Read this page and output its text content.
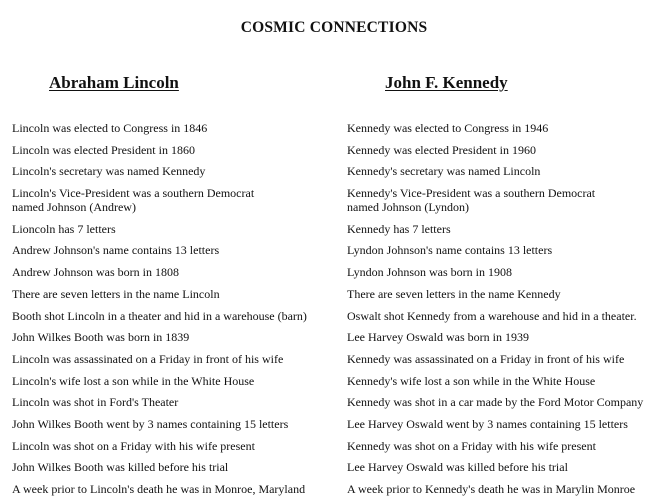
COSMIC CONNECTIONS
Abraham Lincoln	John F. Kennedy
Lincoln was elected to Congress in 1846
Lincoln was elected President in 1860
Lincoln's secretary was named Kennedy
Lincoln's Vice-President was a southern Democrat
named Johnson (Andrew)
Lioncoln has 7 letters
Andrew Johnson's name contains 13 letters
Andrew Johnson was born in 1808
There are seven letters in the name Lincoln
Booth shot Lincoln in a theater and hid in a warehouse (barn)
John Wilkes Booth was born in 1839
Lincoln was assassinated on a Friday in front of his wife
Lincoln's wife lost a son while in the White House
Lincoln was shot in Ford's Theater
John Wilkes Booth went by 3 names containing 15 letters
Lincoln was shot on a Friday with his wife present
John Wilkes Booth was killed before his trial
A week prior to Lincoln's death he was in Monroe, Maryland
Kennedy was elected to Congress in 1946
Kennedy was elected President in 1960
Kennedy's secretary was named Lincoln
Kennedy's Vice-President was a southern Democrat
named Johnson (Lyndon)
Kennedy has 7 letters
Lyndon Johnson's name contains 13 letters
Lyndon Johnson was born in 1908
There are seven letters in the name Kennedy
Oswalt shot Kennedy from a warehouse and hid in a theater.
Lee Harvey Oswald was born in 1939
Kennedy was assassinated on a Friday in front of his wife
Kennedy's wife lost a son while in the White House
Kennedy was shot in a car made by the Ford Motor Company
Lee Harvey Oswald went by 3 names containing 15 letters
Kennedy was shot on a Friday with his wife present
Lee Harvey Oswald was killed before his trial
A week prior to Kennedy's death he was in Marylin Monroe
